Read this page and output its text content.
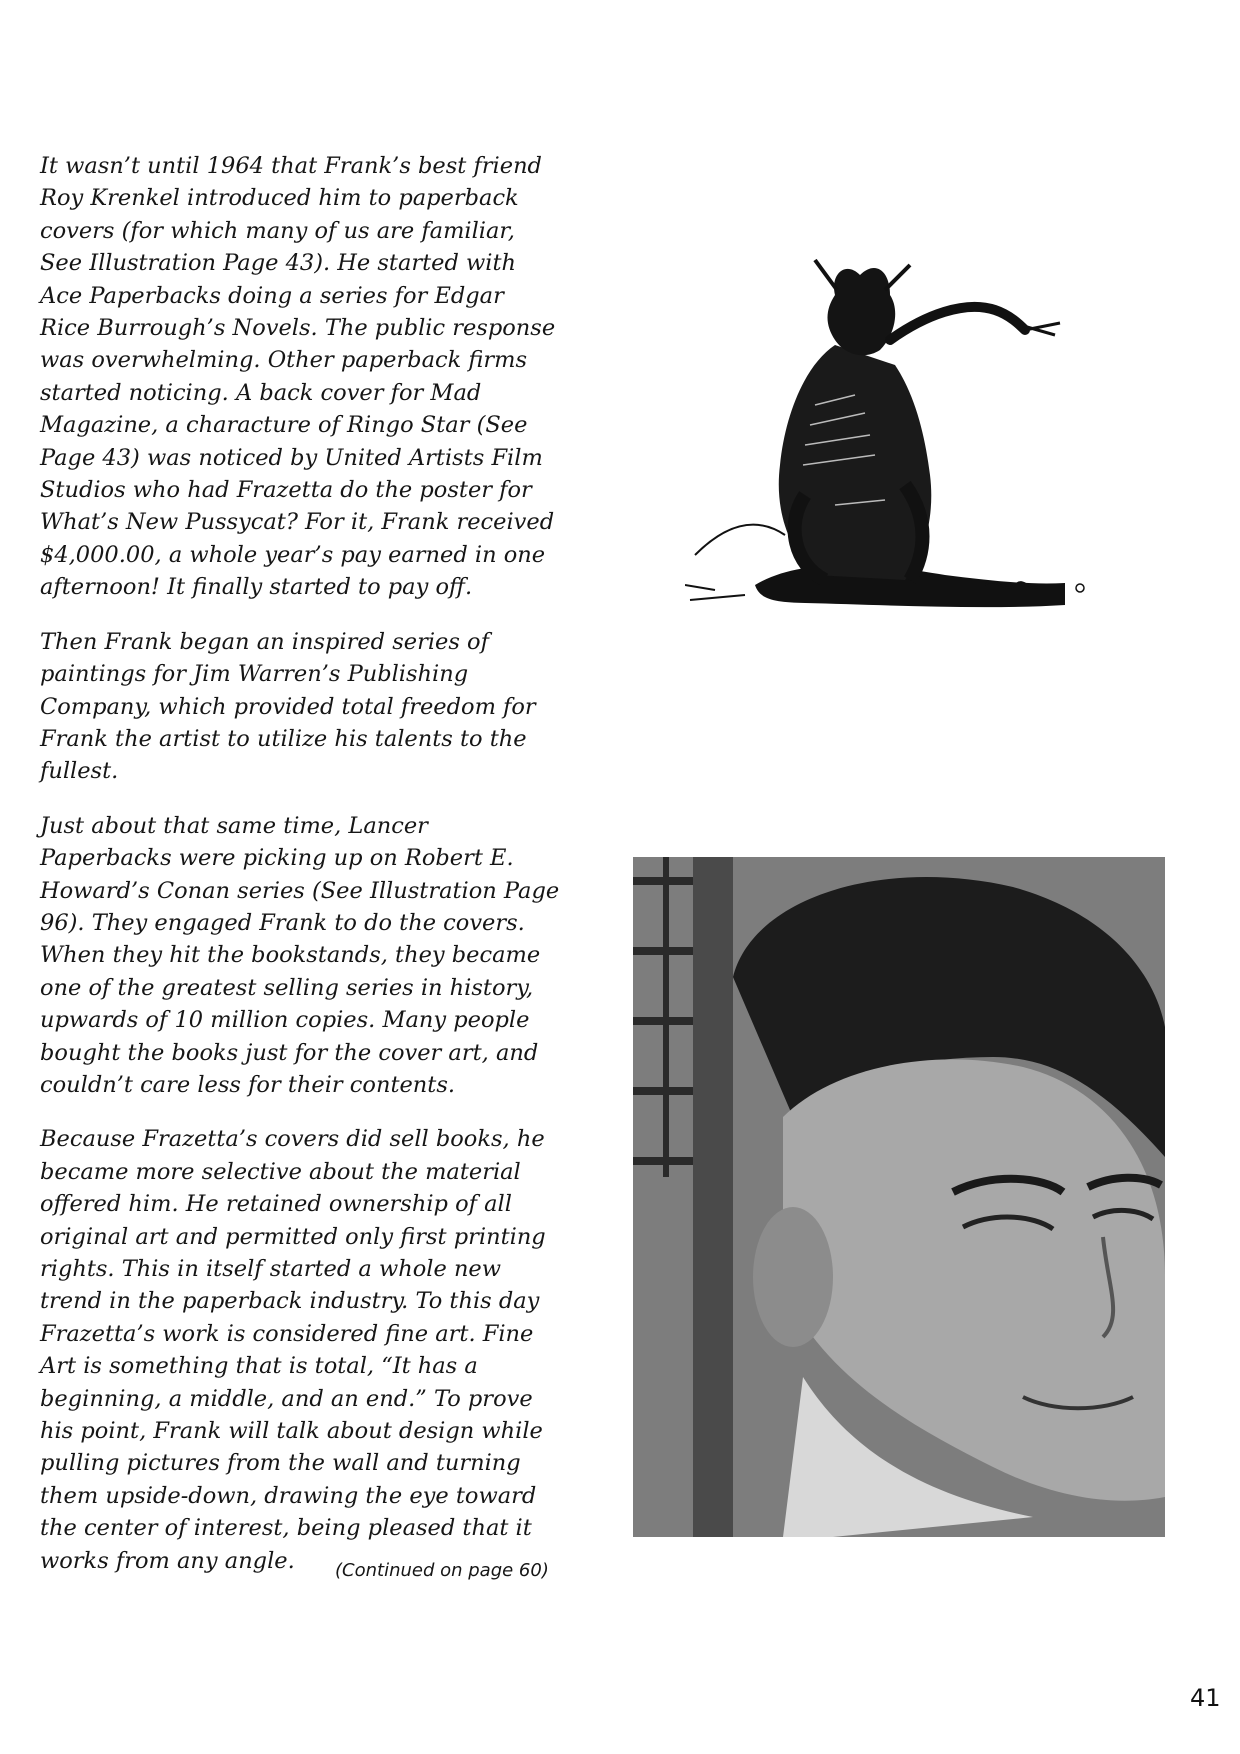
It wasn’t until 1964 that Frank’s best friend Roy Krenkel introduced him to paperback covers (for which many of us are familiar, See Illustration Page 43). He started with Ace Paperbacks doing a series for Edgar Rice Burrough’s Novels. The public response was overwhelming. Other paperback firms started noticing. A back cover for Mad Magazine, a characture of Ringo Star (See Page 43) was noticed by United Artists Film Studios who had Frazetta do the poster for What’s New Pussycat? For it, Frank received $4,000.00, a whole year’s pay earned in one afternoon! It finally started to pay off.

Then Frank began an inspired series of paintings for Jim Warren’s Publishing Company, which provided total freedom for Frank the artist to utilize his talents to the fullest.

Just about that same time, Lancer Paperbacks were picking up on Robert E. Howard’s Conan series (See Illustration Page 96). They engaged Frank to do the covers. When they hit the bookstands, they became one of the greatest selling series in history, upwards of 10 million copies. Many people bought the books just for the cover art, and couldn’t care less for their contents.

Because Frazetta’s covers did sell books, he became more selective about the material offered him. He retained ownership of all original art and permitted only first printing rights. This in itself started a whole new trend in the paperback industry. To this day Frazetta’s work is considered fine art. Fine Art is something that is total, “It has a beginning, a middle, and an end.” To prove his point, Frank will talk about design while pulling pictures from the wall and turning them upside-down, drawing the eye toward the center of interest, being pleased that it works from any angle.	(Continued on page 60)
41
